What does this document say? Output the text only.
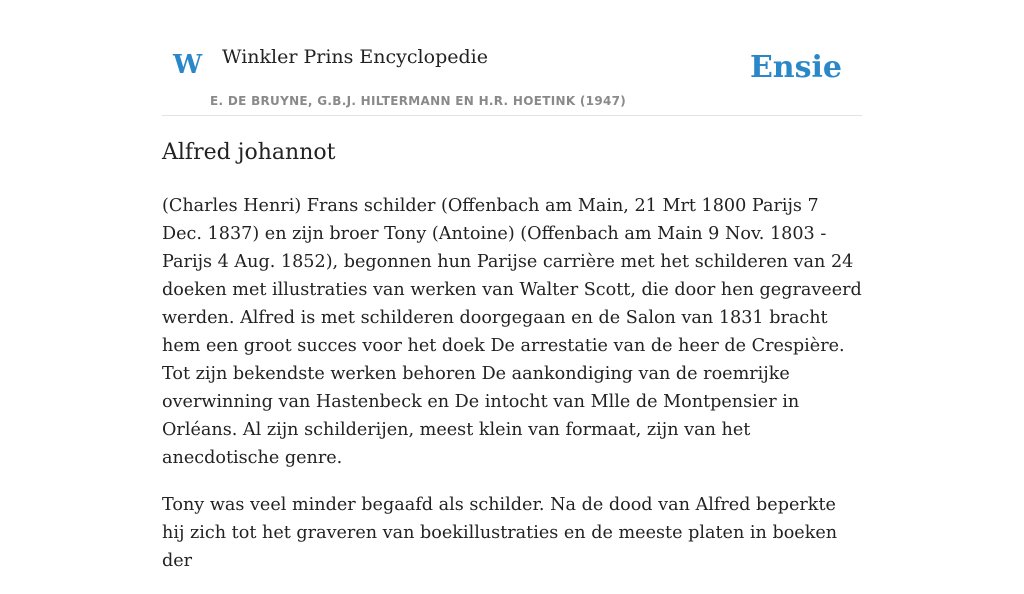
W Winkler Prins Encyclopedie
E. DE BRUYNE, G.B.J. HILTERMANN EN H.R. HOETINK (1947)
Ensie
Alfred johannot

(Charles Henri) Frans schilder (Offenbach am Main, 21 Mrt 1800 Parijs 7 Dec. 1837) en zijn broer Tony (Antoine) (Offenbach am Main 9 Nov. 1803 - Parijs 4 Aug. 1852), begonnen hun Parijse carrière met het schilderen van 24 doeken met illustraties van werken van Walter Scott, die door hen gegraveerd werden. Alfred is met schilderen doorgegaan en de Salon van 1831 bracht hem een groot succes voor het doek De arrestatie van de heer de Crespière. Tot zijn bekendste werken behoren De aankondiging van de roemrijke overwinning van Hastenbeck en De intocht van Mlle de Montpensier in Orléans. Al zijn schilderijen, meest klein van formaat, zijn van het anecdotische genre.

Tony was veel minder begaafd als schilder. Na de dood van Alfred beperkte hij zich tot het graveren van boekillustraties en de meeste platen in boeken der
